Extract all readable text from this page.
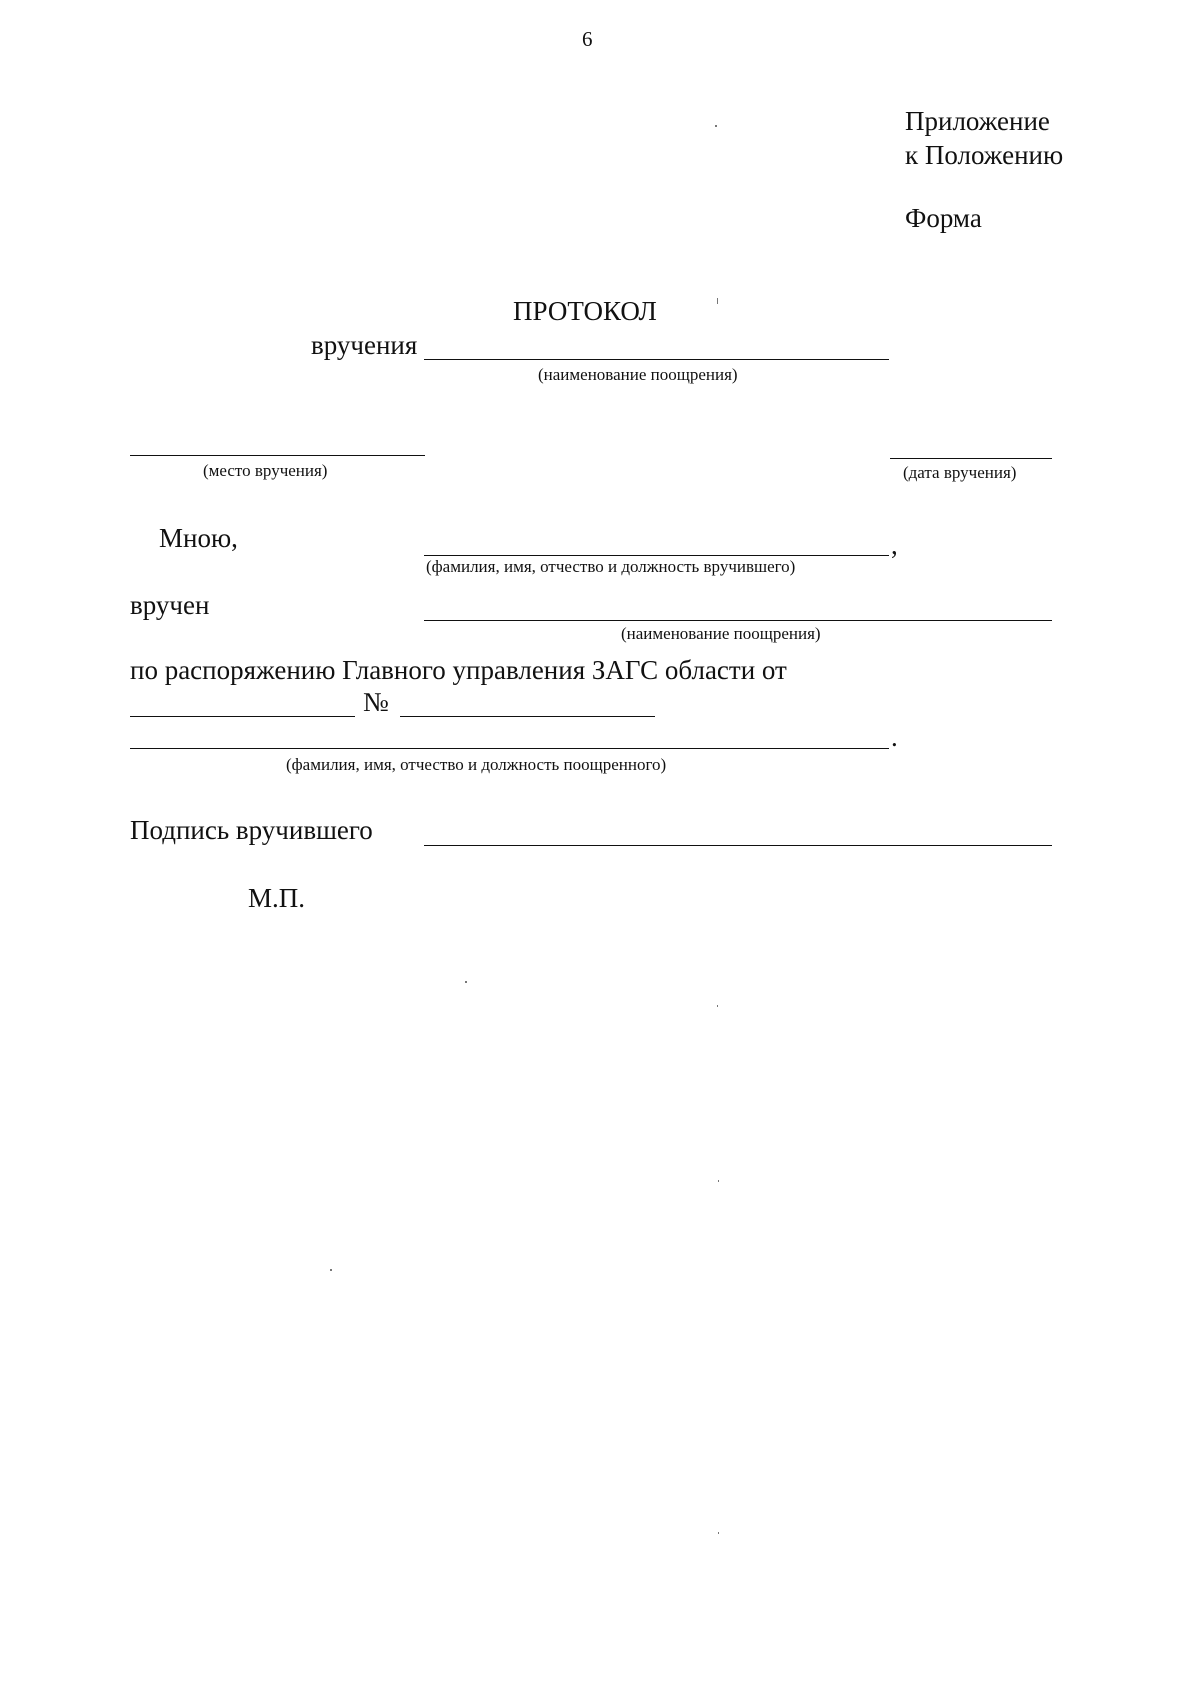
6
Приложение
к Положению
Форма
ПРОТОКОЛ
вручения
(наименование поощрения)
(место вручения)	(дата вручения)
Мною,	,
(фамилия, имя, отчество и должность вручившего)
вручен
(наименование поощрения)
по распоряжению Главного управления ЗАГС области от
№
.
(фамилия, имя, отчество и должность поощренного)
Подпись вручившего
М.П.
